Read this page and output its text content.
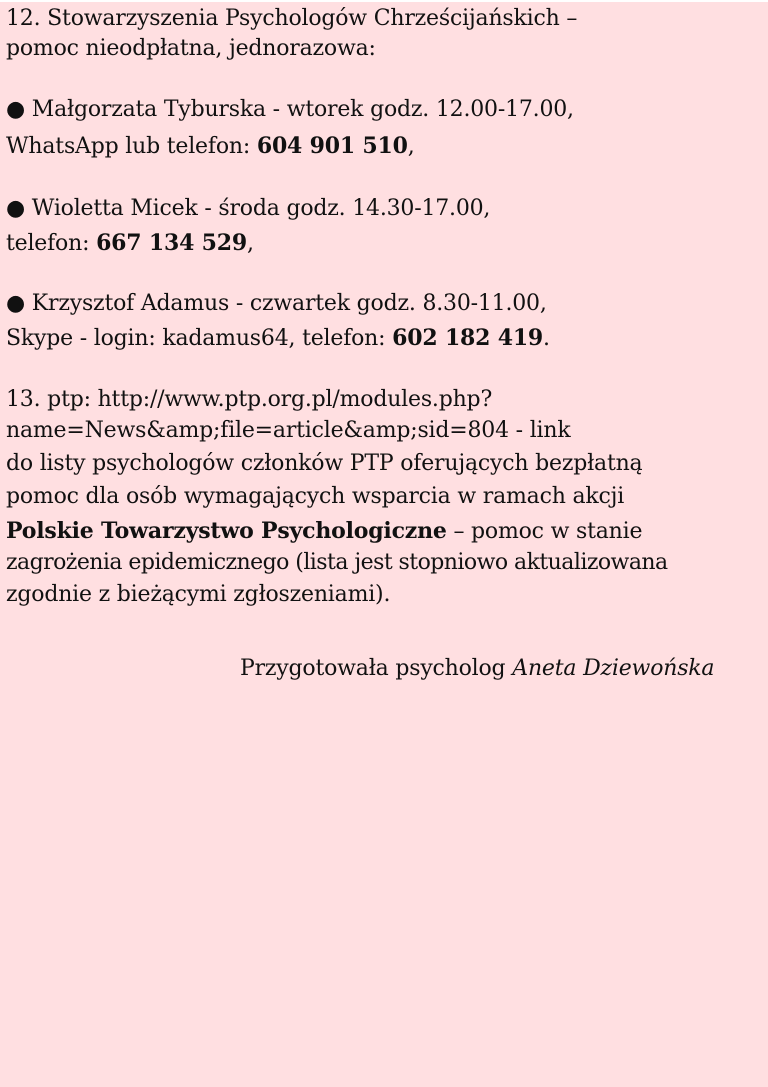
12. Stowarzyszenia Psychologów Chrześcijańskich –
pomoc nieodpłatna, jednorazowa:
● Małgorzata Tyburska - wtorek godz. 12.00-17.00,
WhatsApp lub telefon: 604 901 510,
● Wioletta Micek - środa godz. 14.30-17.00,
telefon: 667 134 529,
● Krzysztof Adamus - czwartek godz. 8.30-11.00,
Skype - login: kadamus64, telefon: 602 182 419.
13. ptp: http://www.ptp.org.pl/modules.php?
name=News&amp;file=article&amp;sid=804 - link
do listy psychologów członków PTP oferujących bezpłatną
pomoc dla osób wymagających wsparcia w ramach akcji
Polskie Towarzystwo Psychologiczne – pomoc w stanie
zagrożenia epidemicznego (lista jest stopniowo aktualizowana
zgodnie z bieżącymi zgłoszeniami).
Przygotowała psycholog Aneta Dziewońska
